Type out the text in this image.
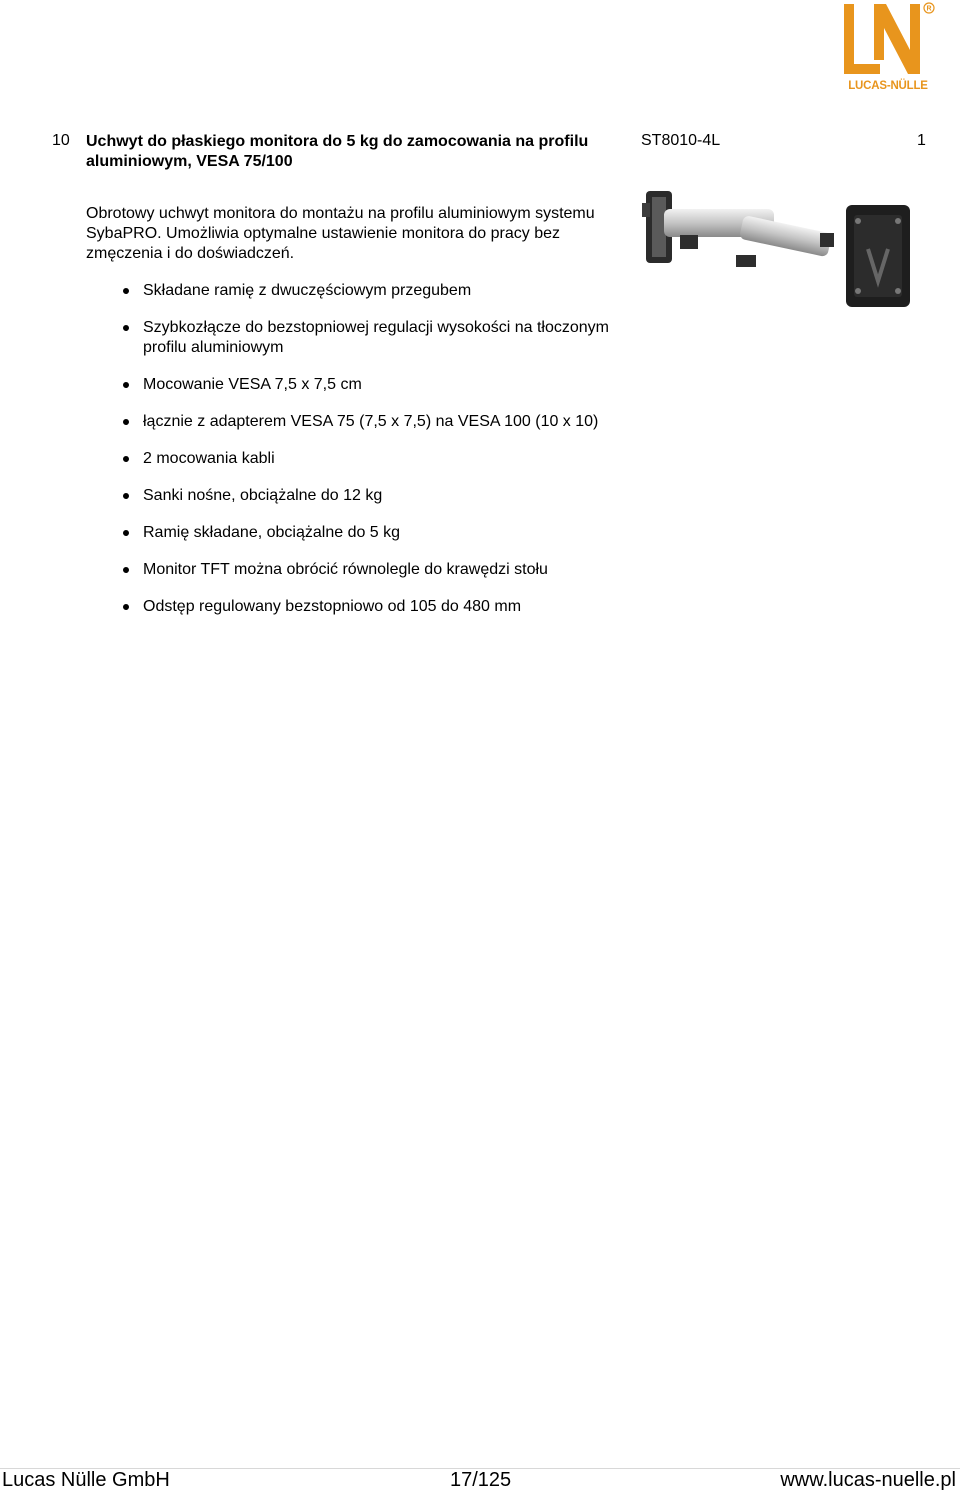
R
LUCAS-NÜLLE
10 Uchwyt do płaskiego monitora do 5 kg do zamocowania na profilu aluminiowym, VESA 75/100
ST8010-4L	1
Obrotowy uchwyt monitora do montażu na profilu aluminiowym systemu SybaPRO. Umożliwia optymalne ustawienie monitora do pracy bez zmęczenia i do doświadczeń.
Składane ramię z dwuczęściowym przegubem
Szybkozłącze do bezstopniowej regulacji wysokości na tłoczonym profilu aluminiowym
Mocowanie VESA 7,5 x 7,5 cm
łącznie z adapterem VESA 75 (7,5 x 7,5) na VESA 100 (10 x 10)
2 mocowania kabli
Sanki nośne, obciążalne do 12 kg
Ramię składane, obciążalne do 5 kg
Monitor TFT można obrócić równolegle do krawędzi stołu
Odstęp regulowany bezstopniowo od 105 do 480 mm
Lucas Nülle GmbH	17/125	www.lucas-nuelle.pl
